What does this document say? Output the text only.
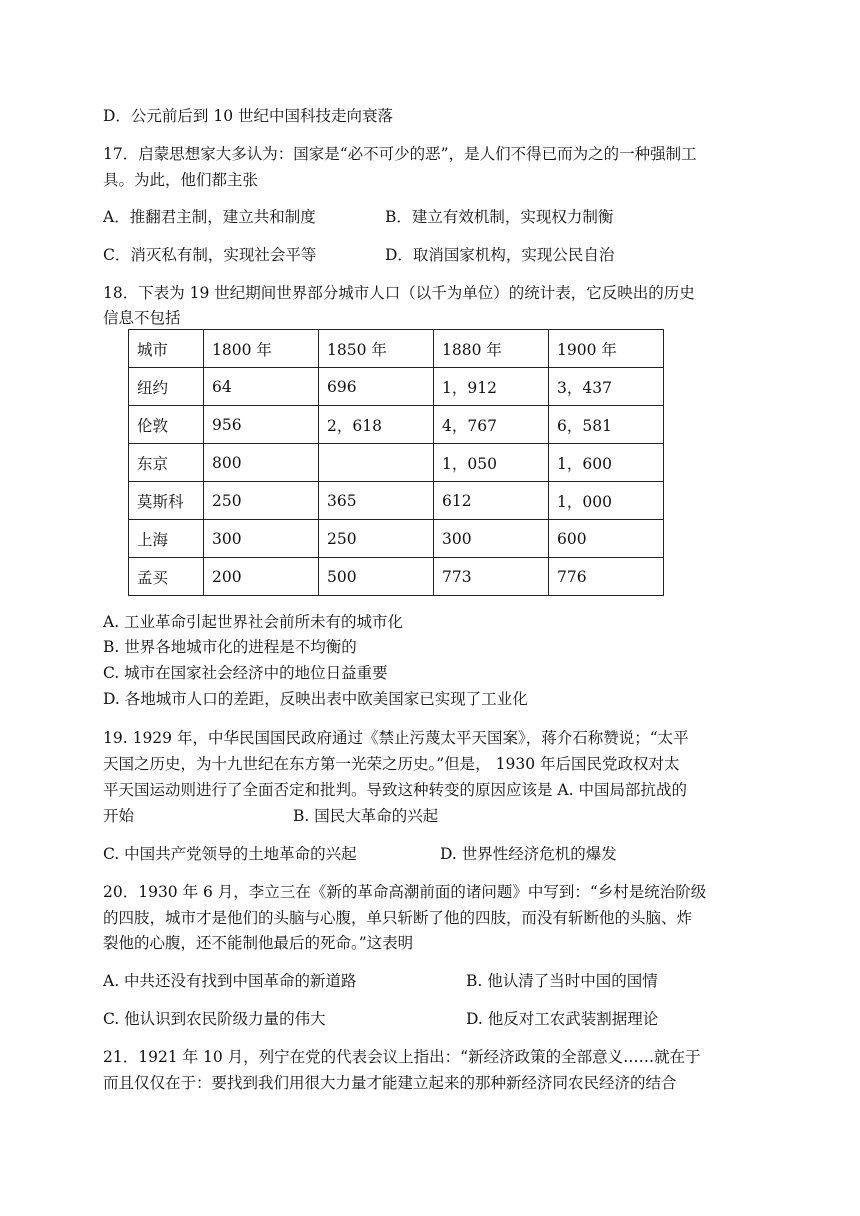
D．公元前后到 10 世纪中国科技走向衰落
17．启蒙思想家大多认为：国家是“必不可少的恶”，是人们不得已而为之的一种强制工
具。为此，他们都主张
A．推翻君主制，建立共和制度	B．建立有效机制，实现权力制衡
C．消灭私有制，实现社会平等	D．取消国家机构，实现公民自治
18．下表为 19 世纪期间世界部分城市人口（以千为单位）的统计表，它反映出的历史
信息不包括
城市	1800 年	1850 年	1880 年	1900 年
纽约	64	696	1，912	3，437
伦敦	956	2，618	4，767	6，581
东京	800		1，050	1，600
莫斯科	250	365	612	1，000
上海	300	250	300	600
孟买	200	500	773	776
A. 工业革命引起世界社会前所未有的城市化
B. 世界各地城市化的进程是不均衡的
C. 城市在国家社会经济中的地位日益重要
D. 各地城市人口的差距，反映出表中欧美国家已实现了工业化
19. 1929 年，中华民国国民政府通过《禁止污蔑太平天国案》，蒋介石称赞说；“太平
天国之历史，为十九世纪在东方第一光荣之历史。”但是， 1930 年后国民党政权对太
平天国运动则进行了全面否定和批判。导致这种转变的原因应该是 A. 中国局部抗战的
开始	B. 国民大革命的兴起
C. 中国共产党领导的土地革命的兴起	D. 世界性经济危机的爆发
20．1930 年 6 月，李立三在《新的革命高潮前面的诸问题》中写到：“乡村是统治阶级
的四肢，城市才是他们的头脑与心腹，单只斩断了他的四肢，而没有斩断他的头脑、炸
裂他的心腹，还不能制他最后的死命。”这表明
A. 中共还没有找到中国革命的新道路	B. 他认清了当时中国的国情
C. 他认识到农民阶级力量的伟大	D. 他反对工农武装割据理论
21．1921 年 10 月，列宁在党的代表会议上指出：“新经济政策的全部意义……就在于
而且仅仅在于：要找到我们用很大力量才能建立起来的那种新经济同农民经济的结合
